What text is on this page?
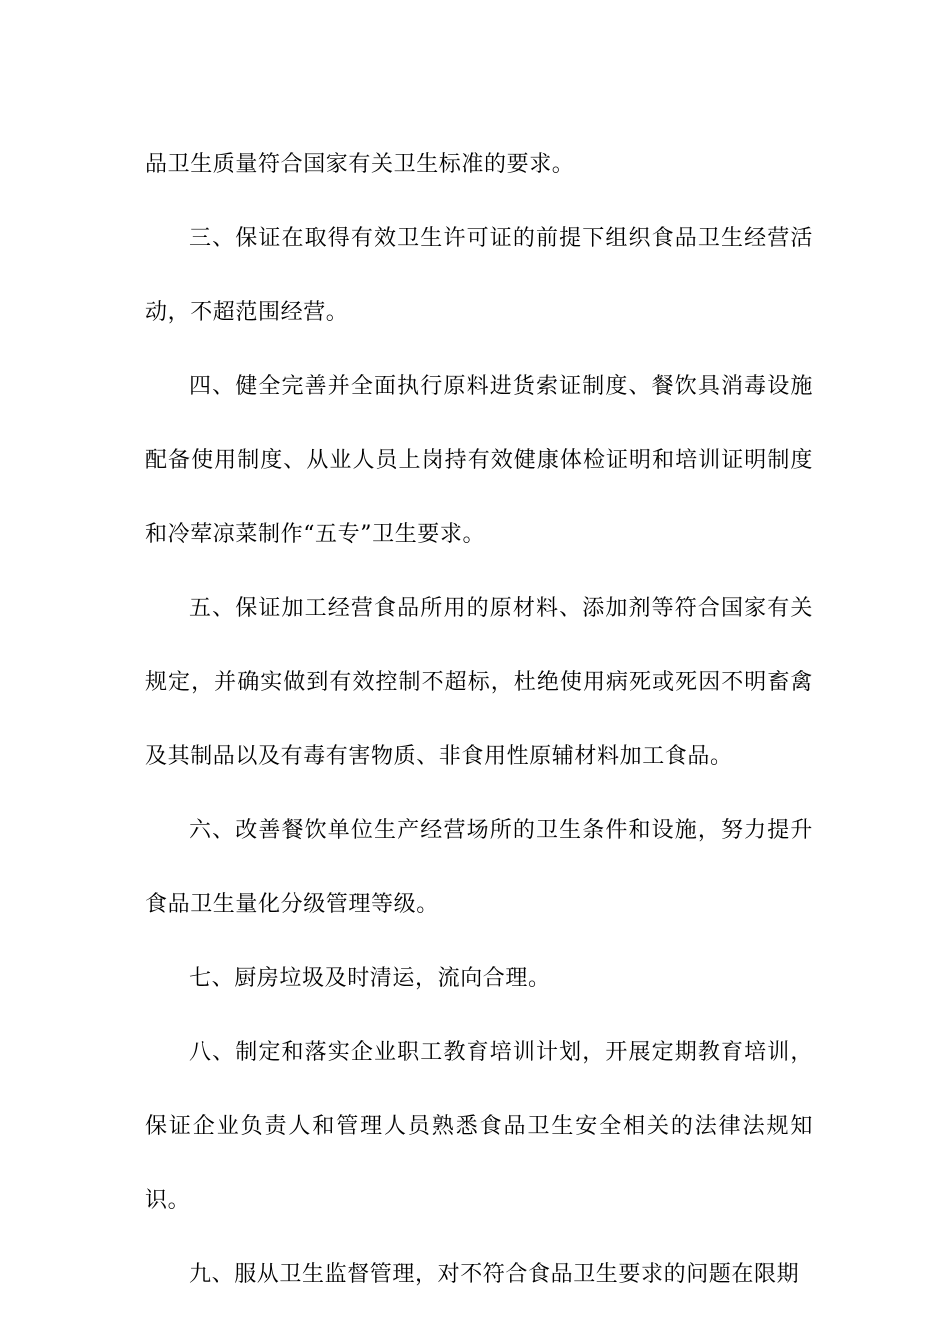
品卫生质量符合国家有关卫生标准的要求。

三、保证在取得有效卫生许可证的前提下组织食品卫生经营活动，不超范围经营。

四、健全完善并全面执行原料进货索证制度、餐饮具消毒设施配备使用制度、从业人员上岗持有效健康体检证明和培训证明制度和冷荤凉菜制作“五专”卫生要求。

五、保证加工经营食品所用的原材料、添加剂等符合国家有关规定，并确实做到有效控制不超标，杜绝使用病死或死因不明畜禽及其制品以及有毒有害物质、非食用性原辅材料加工食品。

六、改善餐饮单位生产经营场所的卫生条件和设施，努力提升食品卫生量化分级管理等级。

七、厨房垃圾及时清运，流向合理。

八、制定和落实企业职工教育培训计划，开展定期教育培训，保证企业负责人和管理人员熟悉食品卫生安全相关的法律法规知识。

九、服从卫生监督管理，对不符合食品卫生要求的问题在限期
